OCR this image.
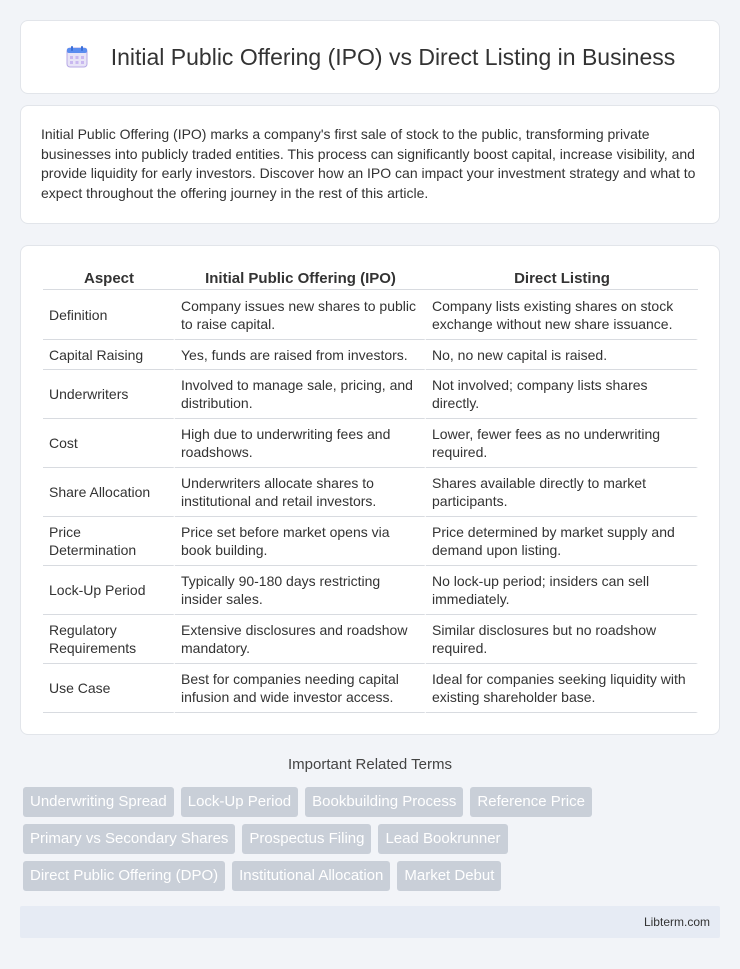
Initial Public Offering (IPO) vs Direct Listing in Business

Initial Public Offering (IPO) marks a company's first sale of stock to the public, transforming private businesses into publicly traded entities. This process can significantly boost capital, increase visibility, and provide liquidity for early investors. Discover how an IPO can impact your investment strategy and what to expect throughout the offering journey in the rest of this article.

Aspect	Initial Public Offering (IPO)	Direct Listing
Definition	Company issues new shares to public to raise capital.	Company lists existing shares on stock exchange without new share issuance.
Capital Raising	Yes, funds are raised from investors.	No, no new capital is raised.
Underwriters	Involved to manage sale, pricing, and distribution.	Not involved; company lists shares directly.
Cost	High due to underwriting fees and roadshows.	Lower, fewer fees as no underwriting required.
Share Allocation	Underwriters allocate shares to institutional and retail investors.	Shares available directly to market participants.
Price Determination	Price set before market opens via book building.	Price determined by market supply and demand upon listing.
Lock-Up Period	Typically 90-180 days restricting insider sales.	No lock-up period; insiders can sell immediately.
Regulatory Requirements	Extensive disclosures and roadshow mandatory.	Similar disclosures but no roadshow required.
Use Case	Best for companies needing capital infusion and wide investor access.	Ideal for companies seeking liquidity with existing shareholder base.
Important Related Terms
Underwriting Spread	Lock-Up Period	Bookbuilding Process	Reference Price
Primary vs Secondary Shares	Prospectus Filing	Lead Bookrunner
Direct Public Offering (DPO)	Institutional Allocation	Market Debut
Libterm.com
